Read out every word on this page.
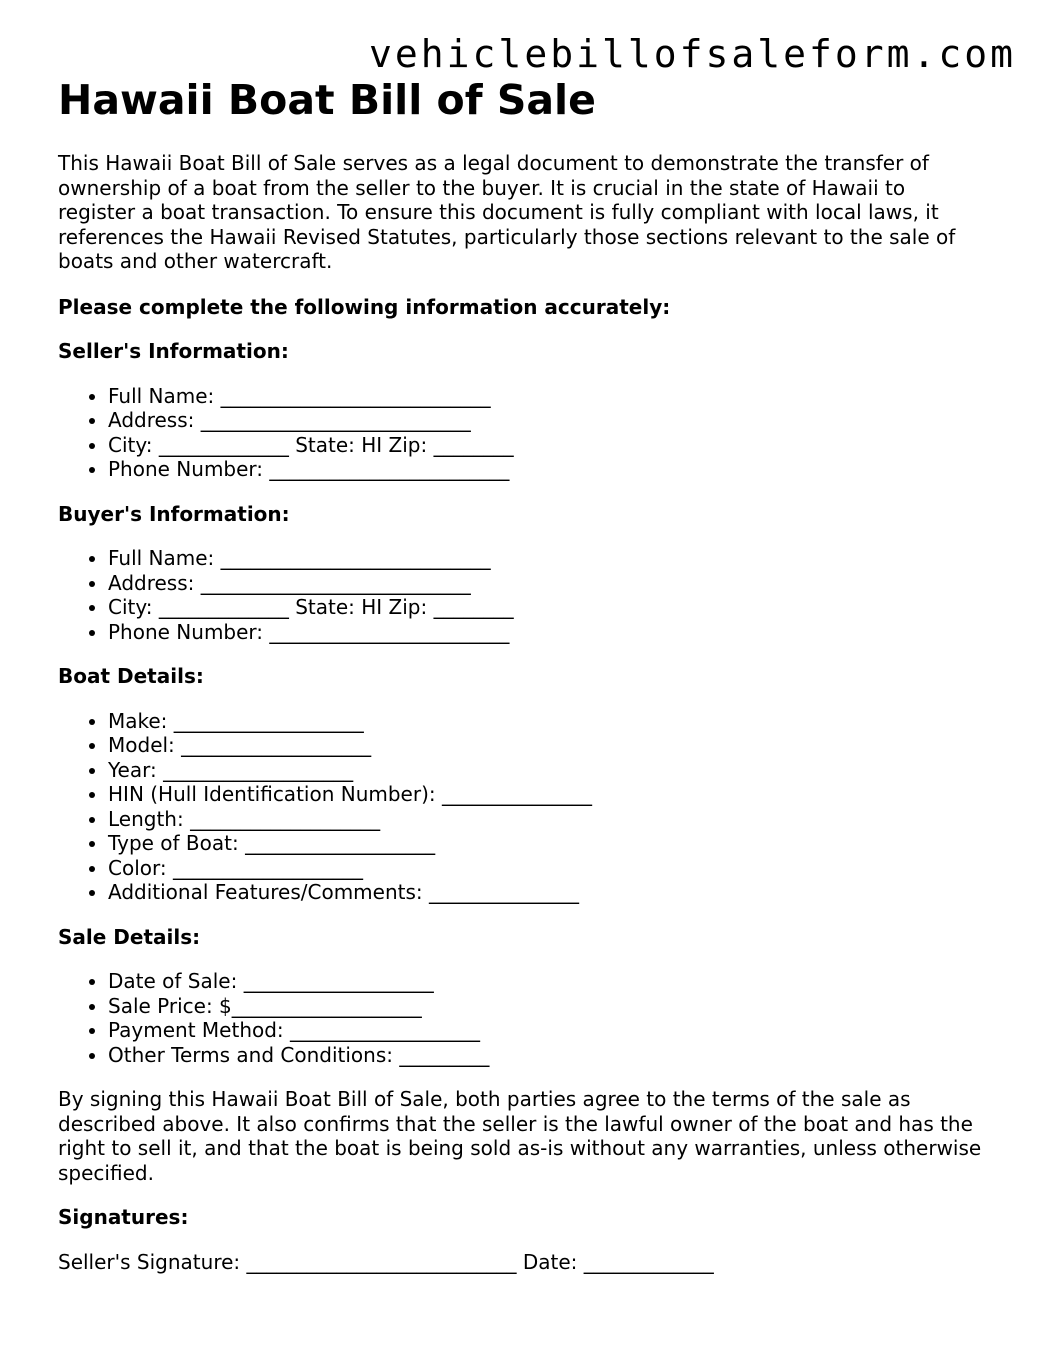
vehiclebillofsaleform.com
Hawaii Boat Bill of Sale

This Hawaii Boat Bill of Sale serves as a legal document to demonstrate the transfer of ownership of a boat from the seller to the buyer. It is crucial in the state of Hawaii to register a boat transaction. To ensure this document is fully compliant with local laws, it references the Hawaii Revised Statutes, particularly those sections relevant to the sale of boats and other watercraft.

Please complete the following information accurately:

Seller's Information:

• Full Name: ___________________________
• Address: ___________________________
• City: _____________ State: HI Zip: ________
• Phone Number: ________________________

Buyer's Information:

• Full Name: ___________________________
• Address: ___________________________
• City: _____________ State: HI Zip: ________
• Phone Number: ________________________

Boat Details:

• Make: ___________________
• Model: ___________________
• Year: ___________________
• HIN (Hull Identification Number): _______________
• Length: ___________________
• Type of Boat: ___________________
• Color: ___________________
• Additional Features/Comments: _______________

Sale Details:

• Date of Sale: ___________________
• Sale Price: $___________________
• Payment Method: ___________________
• Other Terms and Conditions: _________

By signing this Hawaii Boat Bill of Sale, both parties agree to the terms of the sale as described above. It also confirms that the seller is the lawful owner of the boat and has the right to sell it, and that the boat is being sold as-is without any warranties, unless otherwise specified.

Signatures:

Seller's Signature: ___________________________ Date: _____________
